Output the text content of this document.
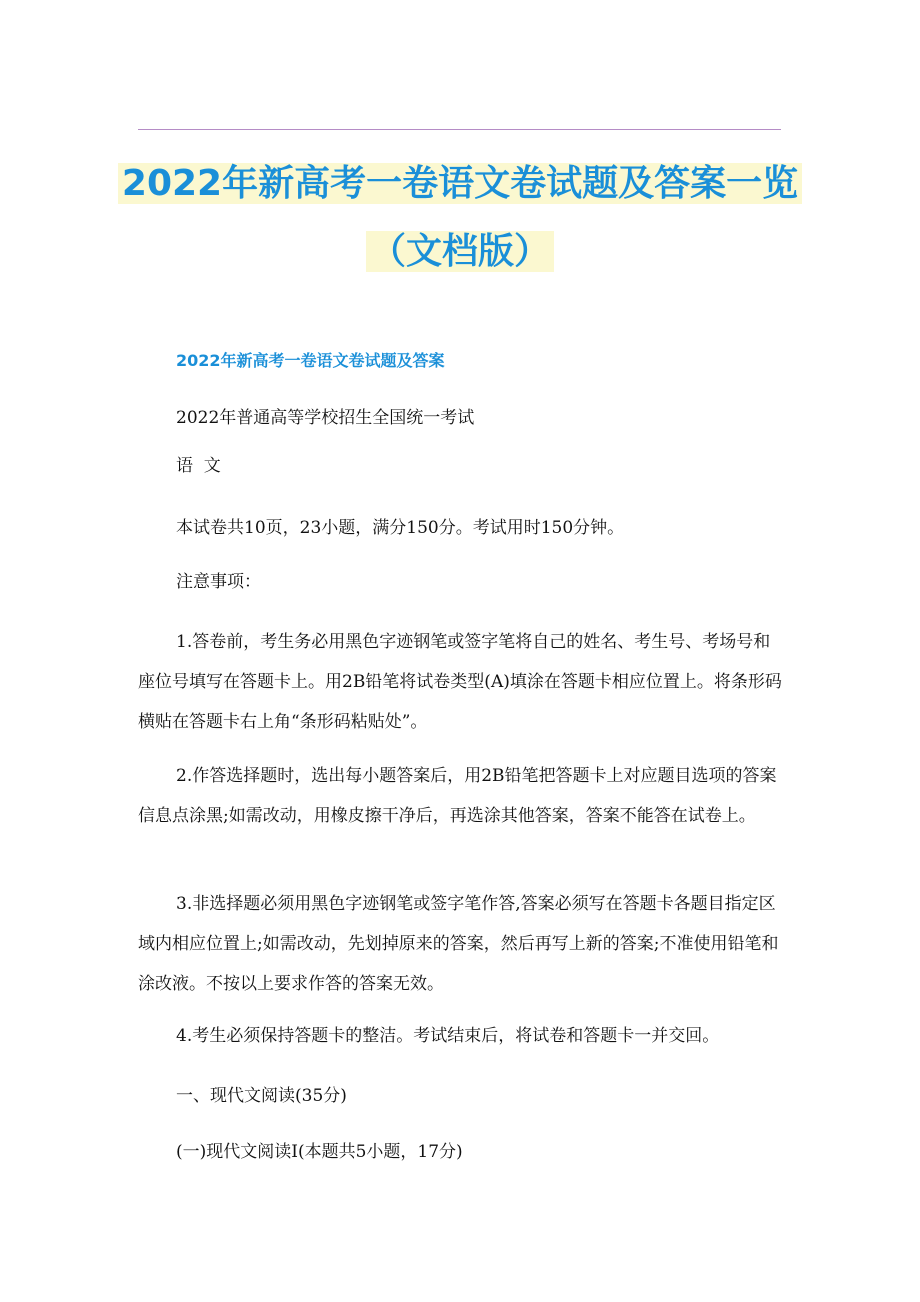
2022年新高考一卷语文卷试题及答案一览
（文档版）
2022年新高考一卷语文卷试题及答案

2022年普通高等学校招生全国统一考试

语  文

本试卷共10页，23小题，满分150分。考试用时150分钟。

注意事项：

1.答卷前，考生务必用黑色字迹钢笔或签字笔将自己的姓名、考生号、考场号和座位号填写在答题卡上。用2B铅笔将试卷类型(A)填涂在答题卡相应位置上。将条形码横贴在答题卡右上角“条形码粘贴处”。

2.作答选择题时，选出每小题答案后，用2B铅笔把答题卡上对应题目选项的答案信息点涂黑;如需改动，用橡皮擦干净后，再选涂其他答案，答案不能答在试卷上。

3.非选择题必须用黑色字迹钢笔或签字笔作答,答案必须写在答题卡各题目指定区域内相应位置上;如需改动，先划掉原来的答案，然后再写上新的答案;不准使用铅笔和涂改液。不按以上要求作答的答案无效。

4.考生必须保持答题卡的整洁。考试结束后，将试卷和答题卡一并交回。

一、现代文阅读(35分)

(一)现代文阅读Ⅰ(本题共5小题，17分)
